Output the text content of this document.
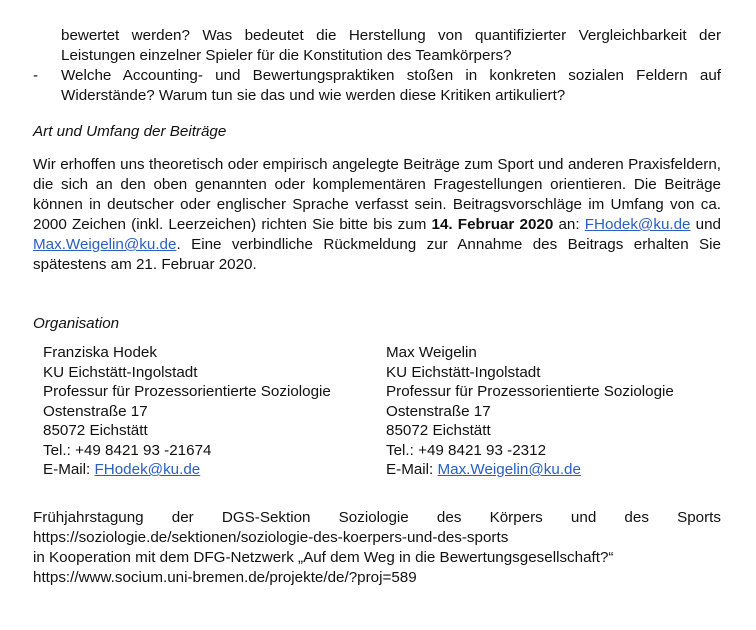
bewertet werden? Was bedeutet die Herstellung von quantifizierter Vergleichbarkeit der Leistungen einzelner Spieler für die Konstitution des Teamkörpers?
- Welche Accounting- und Bewertungspraktiken stoßen in konkreten sozialen Feldern auf Widerstände? Warum tun sie das und wie werden diese Kritiken artikuliert?

Art und Umfang der Beiträge

Wir erhoffen uns theoretisch oder empirisch angelegte Beiträge zum Sport und anderen Praxisfeldern, die sich an den oben genannten oder komplementären Fragestellungen orientieren. Die Beiträge können in deutscher oder englischer Sprache verfasst sein. Beitragsvorschläge im Umfang von ca. 2000 Zeichen (inkl. Leerzeichen) richten Sie bitte bis zum 14. Februar 2020 an: FHodek@ku.de und Max.Weigelin@ku.de. Eine verbindliche Rückmeldung zur Annahme des Beitrags erhalten Sie spätestens am 21. Februar 2020.

Organisation

Franziska Hodek
KU Eichstätt-Ingolstadt
Professur für Prozessorientierte Soziologie
Ostenstraße 17
85072 Eichstätt
Tel.: +49 8421 93 -21674
E-Mail: FHodek@ku.de
Max Weigelin
KU Eichstätt-Ingolstadt
Professur für Prozessorientierte Soziologie
Ostenstraße 17
85072 Eichstätt
Tel.: +49 8421 93 -2312
E-Mail: Max.Weigelin@ku.de
Frühjahrstagung der DGS-Sektion Soziologie des Körpers und des Sports
https://soziologie.de/sektionen/soziologie-des-koerpers-und-des-sports
in Kooperation mit dem DFG-Netzwerk „Auf dem Weg in die Bewertungsgesellschaft?“
https://www.socium.uni-bremen.de/projekte/de/?proj=589
